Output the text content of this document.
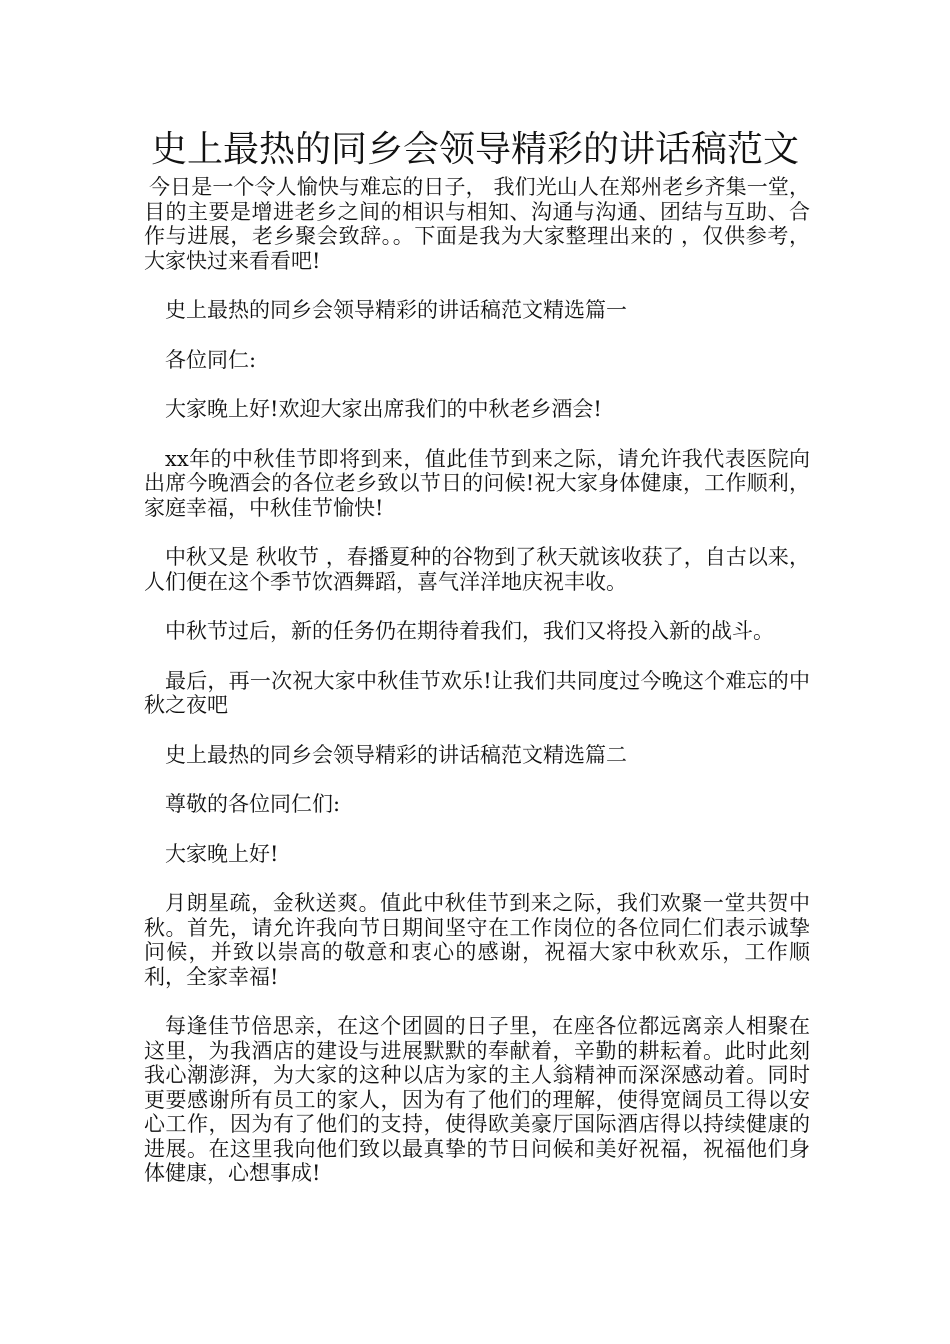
史上最热的同乡会领导精彩的讲话稿范文

今日是一个令人愉快与难忘的日子， 我们光山人在郑州老乡齐集一堂，目的主要是增进老乡之间的相识与相知、沟通与沟通、团结与互助、合作与进展，老乡聚会致辞。。下面是我为大家整理出来的 ，仅供参考，大家快过来看看吧!

史上最热的同乡会领导精彩的讲话稿范文精选篇一

各位同仁:

大家晚上好!欢迎大家出席我们的中秋老乡酒会!

xx年的中秋佳节即将到来，值此佳节到来之际，请允许我代表医院向出席今晚酒会的各位老乡致以节日的问候!祝大家身体健康，工作顺利，家庭幸福，中秋佳节愉快!

中秋又是 秋收节 ，春播夏种的谷物到了秋天就该收获了，自古以来，人们便在这个季节饮酒舞蹈，喜气洋洋地庆祝丰收。

中秋节过后，新的任务仍在期待着我们，我们又将投入新的战斗。

最后，再一次祝大家中秋佳节欢乐!让我们共同度过今晚这个难忘的中秋之夜吧

史上最热的同乡会领导精彩的讲话稿范文精选篇二

尊敬的各位同仁们:

大家晚上好!

月朗星疏，金秋送爽。值此中秋佳节到来之际，我们欢聚一堂共贺中秋。首先，请允许我向节日期间坚守在工作岗位的各位同仁们表示诚挚问候，并致以崇高的敬意和衷心的感谢，祝福大家中秋欢乐，工作顺利，全家幸福!

每逢佳节倍思亲，在这个团圆的日子里，在座各位都远离亲人相聚在这里，为我酒店的建设与进展默默的奉献着，辛勤的耕耘着。此时此刻我心潮澎湃，为大家的这种以店为家的主人翁精神而深深感动着。同时更要感谢所有员工的家人，因为有了他们的理解，使得宽阔员工得以安心工作，因为有了他们的支持，使得欧美豪厅国际酒店得以持续健康的进展。在这里我向他们致以最真挚的节日问候和美好祝福，祝福他们身体健康，心想事成!
